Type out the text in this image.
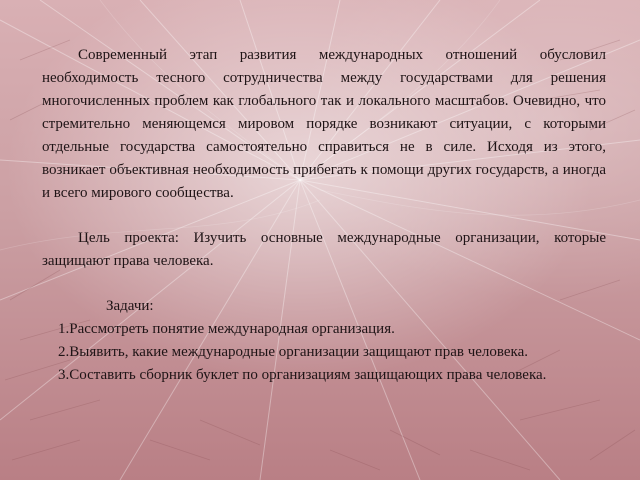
Современный этап развития международных отношений обусловил необходимость тесного сотрудничества между государствами для решения многочисленных проблем как глобального так и локального масштабов. Очевидно, что стремительно меняющемся мировом порядке возникают ситуации, с которыми отдельные государства самостоятельно справиться не в силе. Исходя из этого, возникает объективная необходимость прибегать к помощи других государств, а иногда и всего мирового сообщества.

Цель проекта: Изучить основные международные организации, которые защищают права человека.

Задачи:

1.Рассмотреть понятие международная организация.
2.Выявить, какие международные организации защищают прав человека.
3.Составить сборник буклет по организациям защищающих права человека.
